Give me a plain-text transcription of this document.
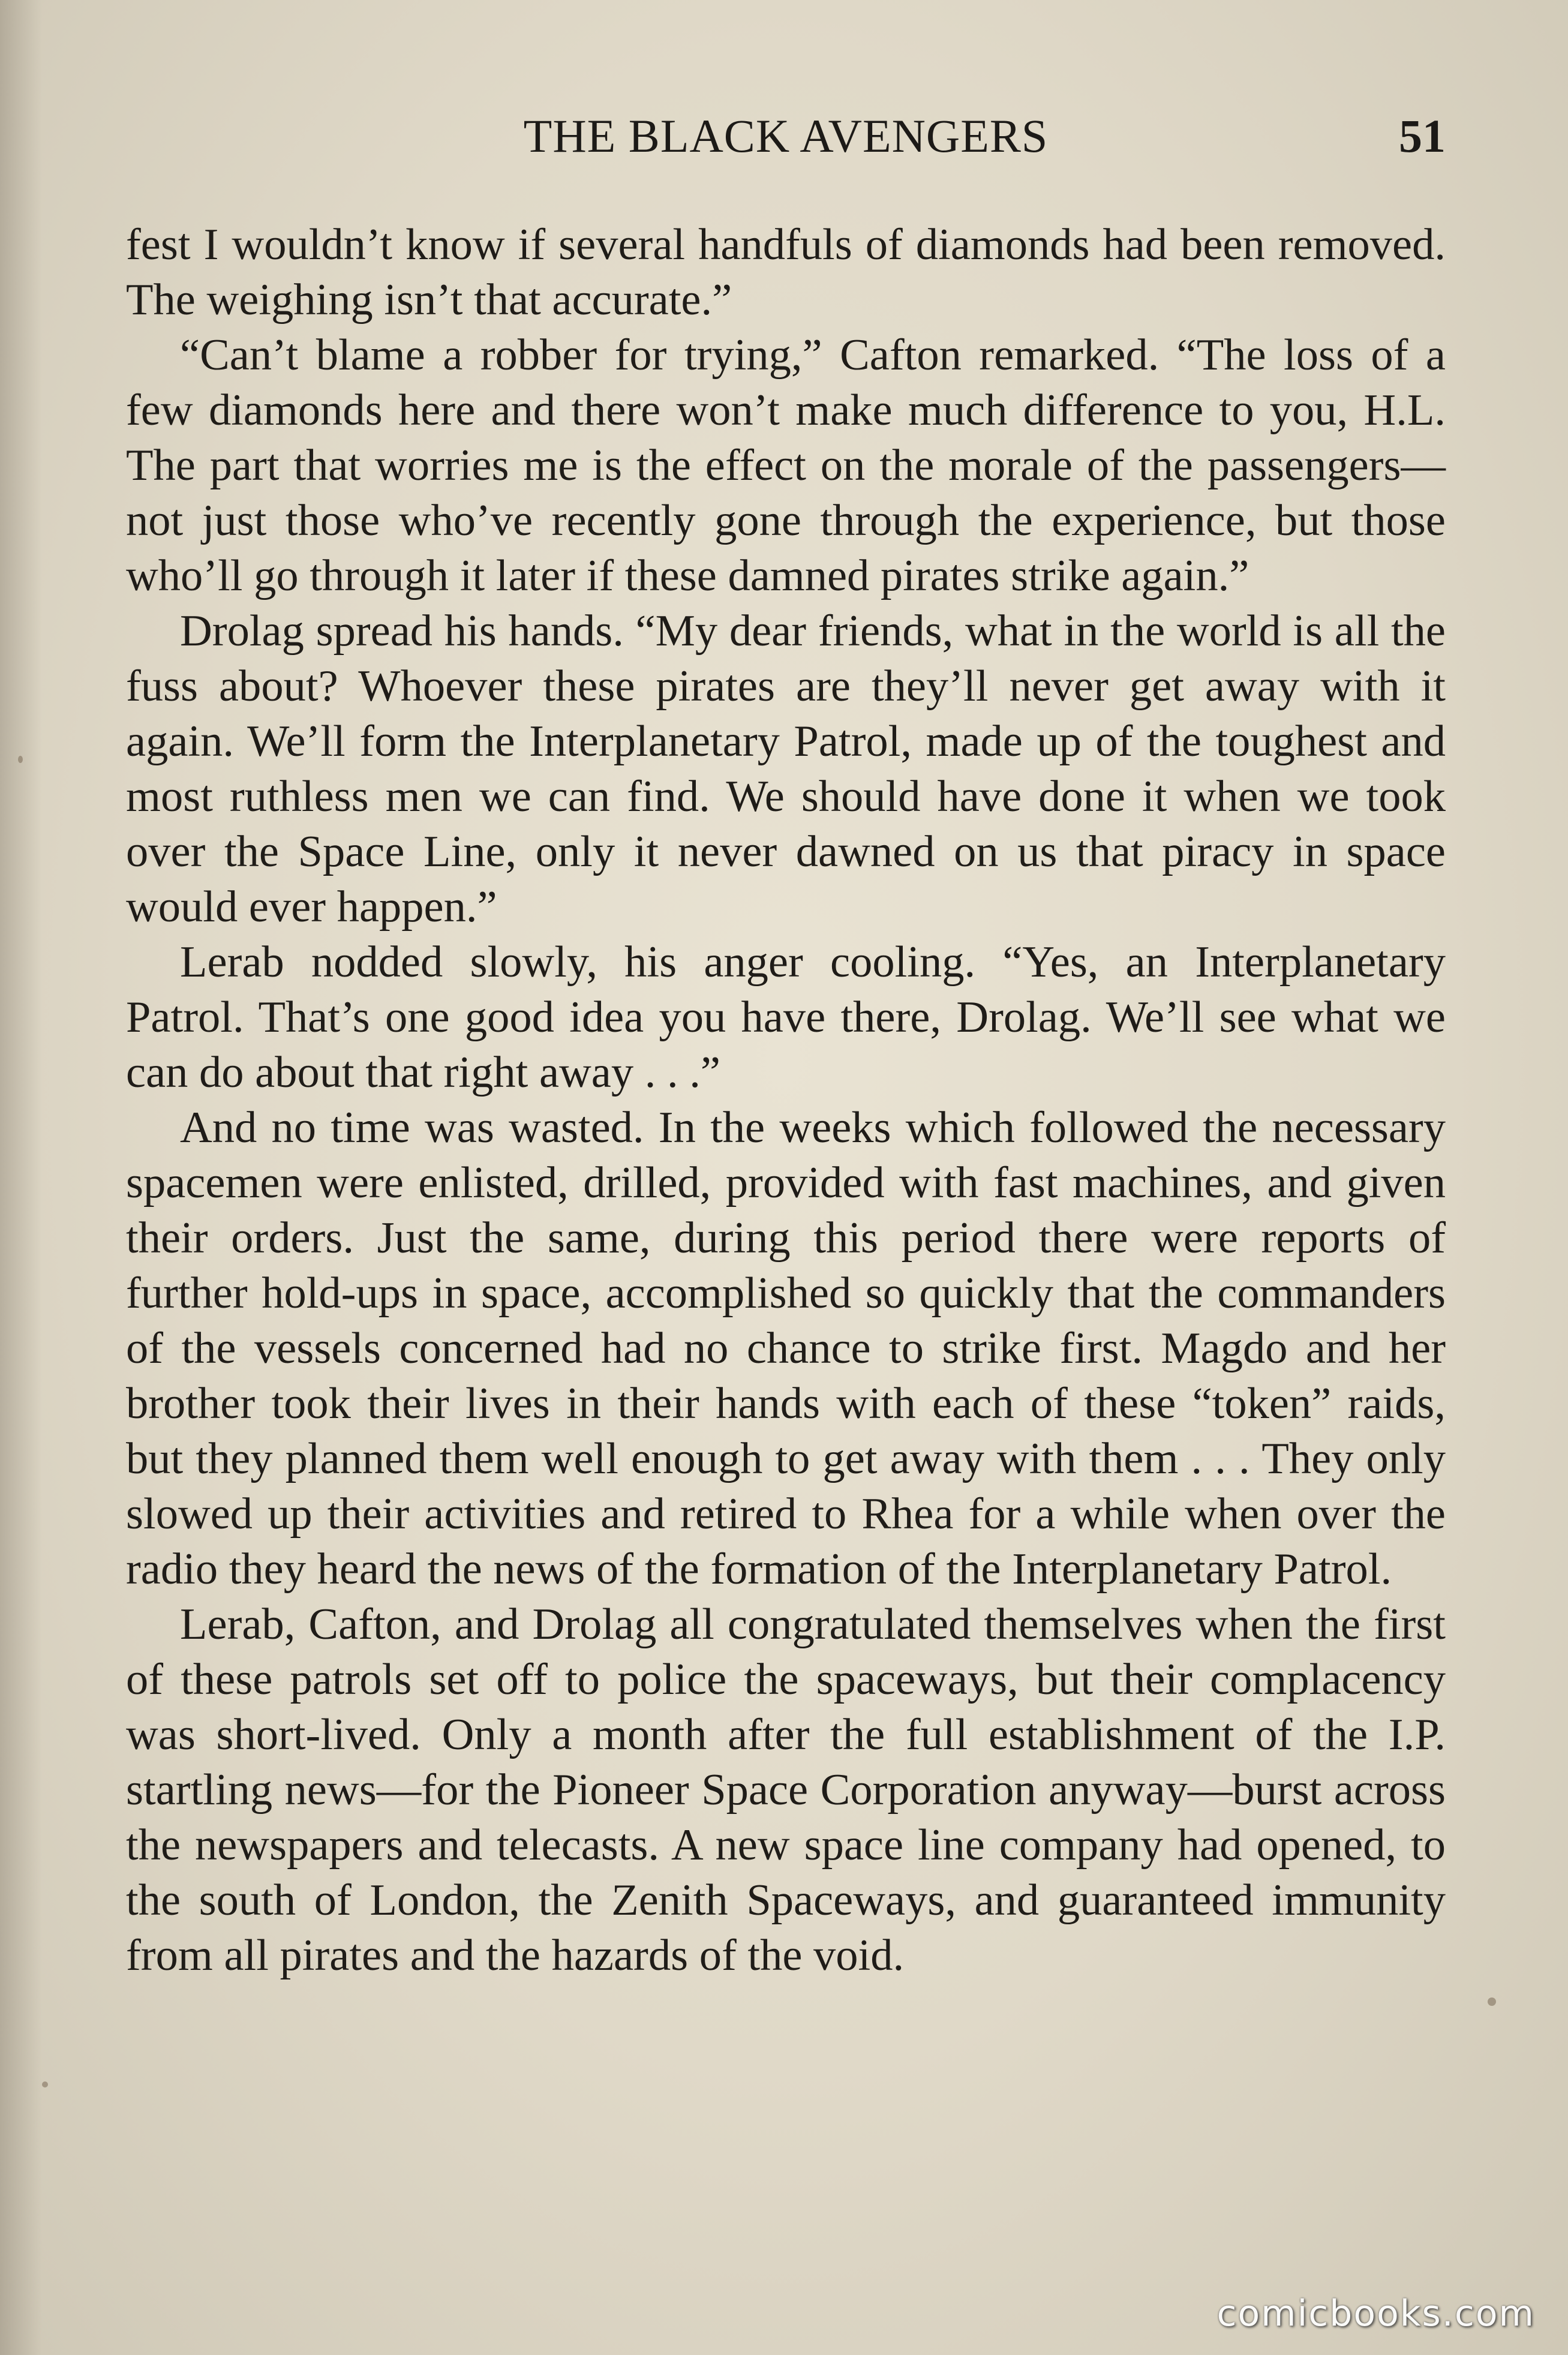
THE BLACK AVENGERS	51

fest I wouldn’t know if several handfuls of diamonds had been removed. The weighing isn’t that accurate.”

“Can’t blame a robber for trying,” Cafton remarked. “The loss of a few diamonds here and there won’t make much difference to you, H.L. The part that worries me is the effect on the morale of the passengers—not just those who’ve recently gone through the experience, but those who’ll go through it later if these damned pirates strike again.”

Drolag spread his hands. “My dear friends, what in the world is all the fuss about? Whoever these pirates are they’ll never get away with it again. We’ll form the Interplanetary Patrol, made up of the toughest and most ruthless men we can find. We should have done it when we took over the Space Line, only it never dawned on us that piracy in space would ever happen.”

Lerab nodded slowly, his anger cooling. “Yes, an Interplanetary Patrol. That’s one good idea you have there, Drolag. We’ll see what we can do about that right away . . .”

And no time was wasted. In the weeks which followed the necessary spacemen were enlisted, drilled, provided with fast machines, and given their orders. Just the same, during this period there were reports of further hold-ups in space, accomplished so quickly that the commanders of the vessels concerned had no chance to strike first. Magdo and her brother took their lives in their hands with each of these “token” raids, but they planned them well enough to get away with them . . . They only slowed up their activities and retired to Rhea for a while when over the radio they heard the news of the formation of the Interplanetary Patrol.

Lerab, Cafton, and Drolag all congratulated themselves when the first of these patrols set off to police the spaceways, but their complacency was short-lived. Only a month after the full establishment of the I.P. startling news—for the Pioneer Space Corporation anyway—burst across the newspapers and telecasts. A new space line company had opened, to the south of London, the Zenith Spaceways, and guaranteed immunity from all pirates and the hazards of the void.

comicbooks.com
